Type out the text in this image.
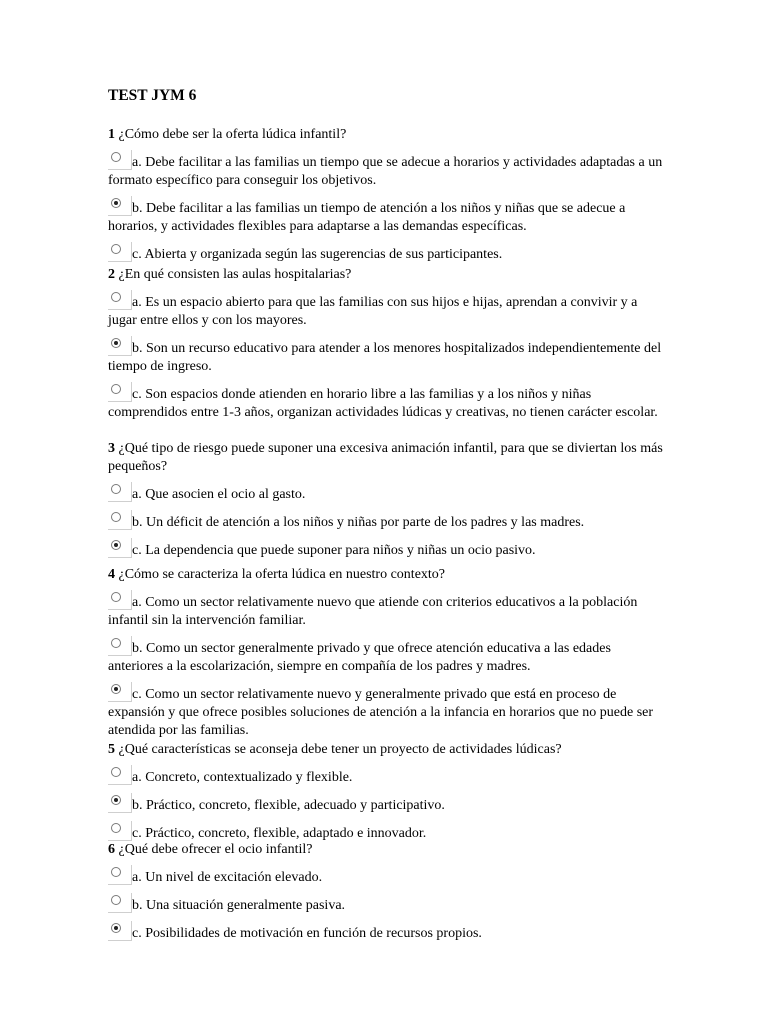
TEST JYM 6

1 ¿Cómo debe ser la oferta lúdica infantil?

a. Debe facilitar a las familias un tiempo que se adecue a horarios y actividades adaptadas a un formato específico para conseguir los objetivos.
b. Debe facilitar a las familias un tiempo de atención a los niños y niñas que se adecue a horarios, y actividades flexibles para adaptarse a las demandas específicas.
c. Abierta y organizada según las sugerencias de sus participantes.

2 ¿En qué consisten las aulas hospitalarias?

a. Es un espacio abierto para que las familias con sus hijos e hijas, aprendan a convivir y a jugar entre ellos y con los mayores.
b. Son un recurso educativo para atender a los menores hospitalizados independientemente del tiempo de ingreso.
c. Son espacios donde atienden en horario libre a las familias y a los niños y niñas comprendidos entre 1-3 años, organizan actividades lúdicas y creativas, no tienen carácter escolar.

3 ¿Qué tipo de riesgo puede suponer una excesiva animación infantil, para que se diviertan los más pequeños?

a. Que asocien el ocio al gasto.
b. Un déficit de atención a los niños y niñas por parte de los padres y las madres.
c. La dependencia que puede suponer para niños y niñas un ocio pasivo.

4 ¿Cómo se caracteriza la oferta lúdica en nuestro contexto?

a. Como un sector relativamente nuevo que atiende con criterios educativos a la población infantil sin la intervención familiar.
b. Como un sector generalmente privado y que ofrece atención educativa a las edades anteriores a la escolarización, siempre en compañía de los padres y madres.
c. Como un sector relativamente nuevo y generalmente privado que está en proceso de expansión y que ofrece posibles soluciones de atención a la infancia en horarios que no puede ser atendida por las familias.

5 ¿Qué características se aconseja debe tener un proyecto de actividades lúdicas?

a. Concreto, contextualizado y flexible.
b. Práctico, concreto, flexible, adecuado y participativo.
c. Práctico, concreto, flexible, adaptado e innovador.

6 ¿Qué debe ofrecer el ocio infantil?

a. Un nivel de excitación elevado.
b. Una situación generalmente pasiva.
c. Posibilidades de motivación en función de recursos propios.
